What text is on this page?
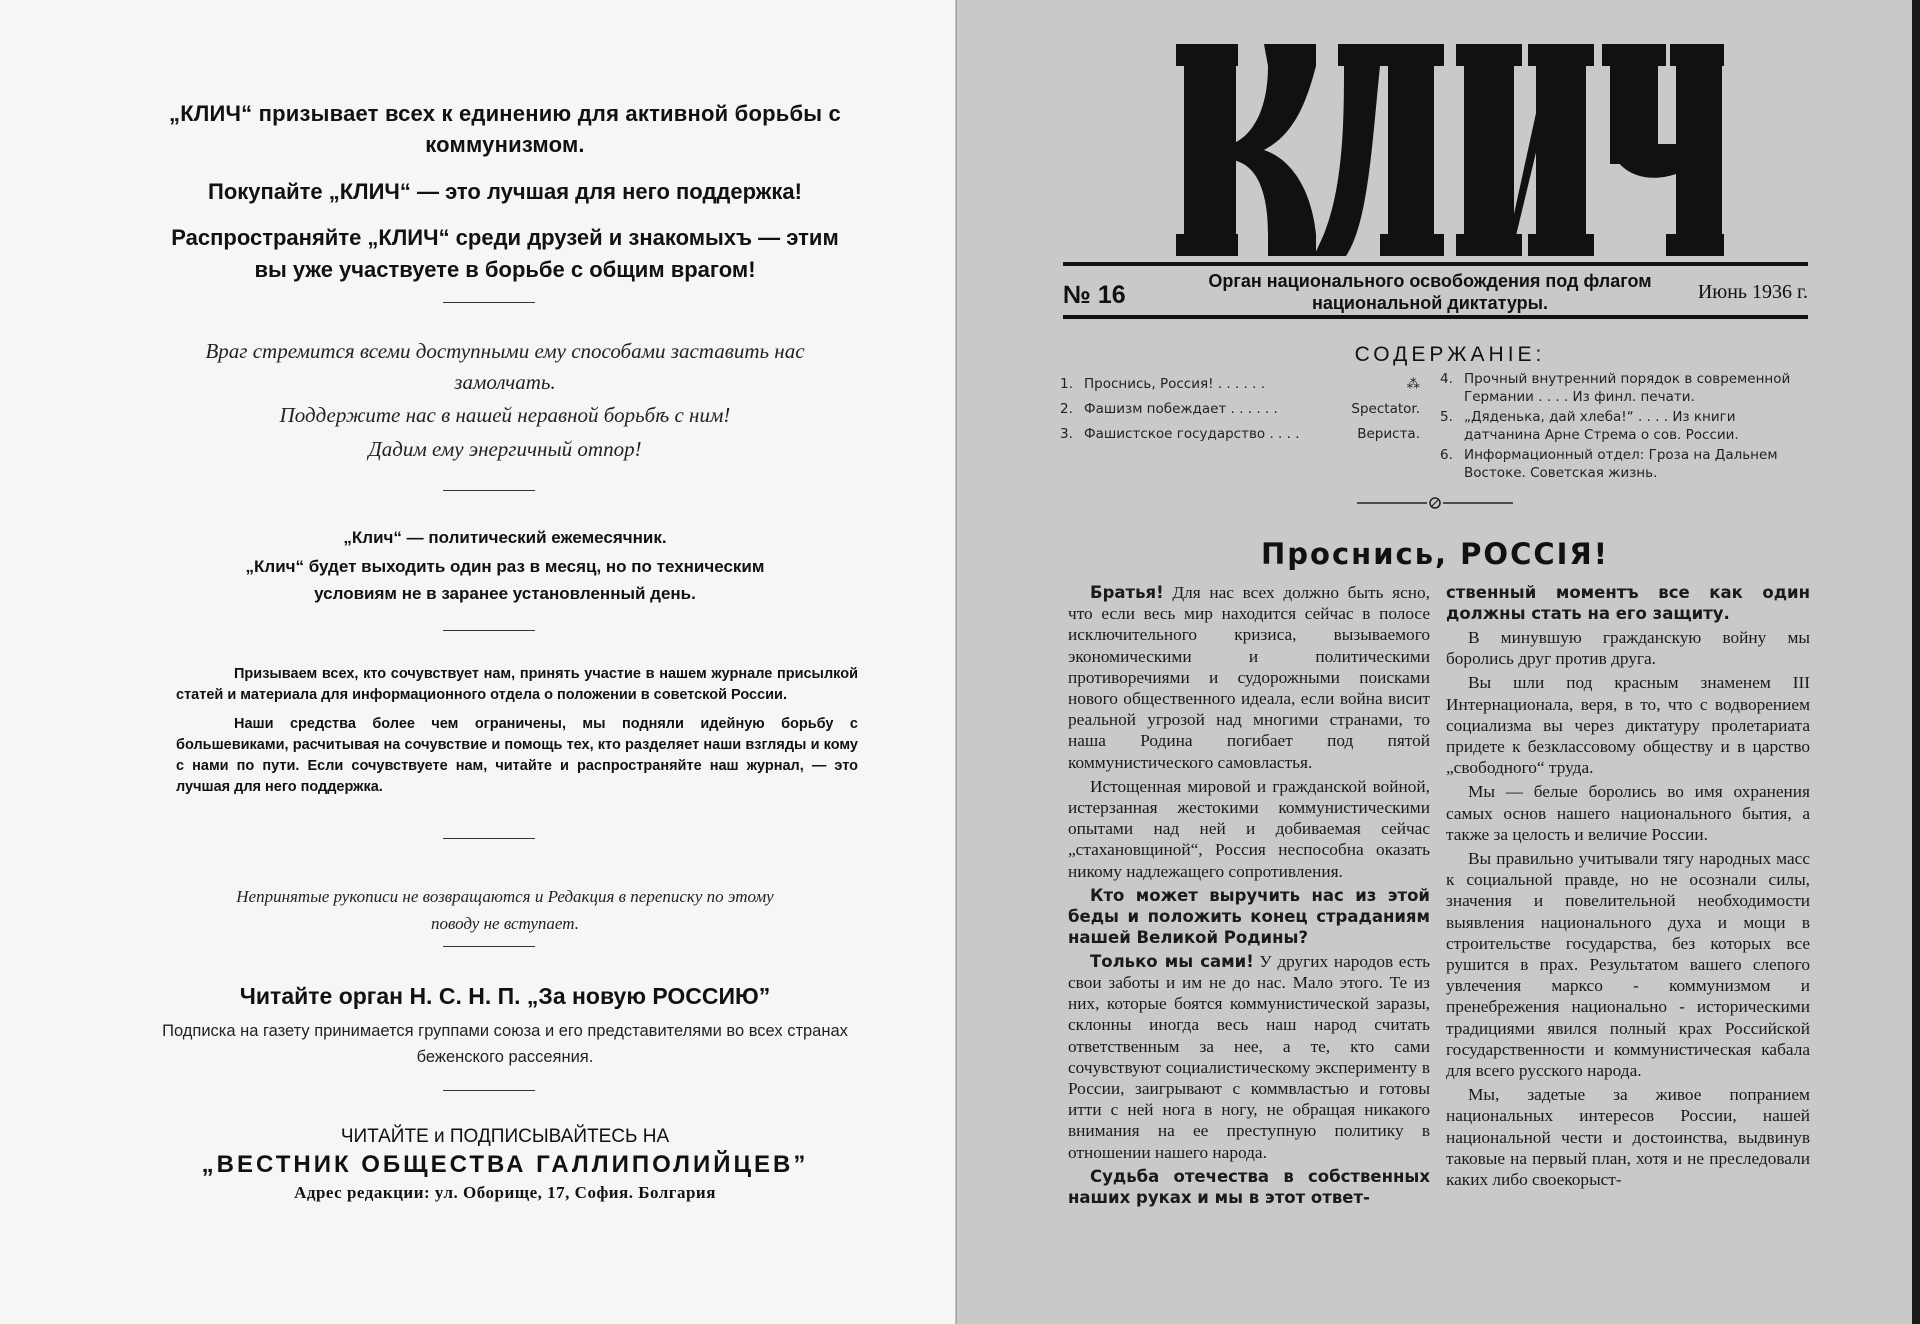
„КЛИЧ“ призывает всех к единению для активной борьбы с коммунизмом.
Покупайте „КЛИЧ“ — это лучшая для него поддержка!
Распространяйте „КЛИЧ“ среди друзей и знакомыхъ — этим вы уже участвуете в борьбе с общим врагом!
Враг стремится всеми доступными ему способами заставить нас замолчать.
Поддержите нас в нашей неравной борьбѣ с ним!
Дадим ему энергичный отпор!
„Клич“ — политический ежемесячник.
„Клич“ будет выходить один раз в месяц, но по техническим условиям не в заранее установленный день.

Призываем всех, кто сочувствует нам, принять участие в нашем журнале присылкой статей и материала для информационного отдела о положении в советской России.

Наши средства более чем ограничены, мы подняли идейную борьбу с большевиками, расчитывая на сочувствие и помощь тех, кто разделяет наши взгляды и кому с нами по пути. Если сочувствуете нам, читайте и распространяйте наш журнал, — это лучшая для него поддержка.

Непринятые рукописи не возвращаются и Редакция в переписку по этому поводу не вступает.
Читайте орган Н. С. Н. П. „За новую РОССИЮ”
Подписка на газету принимается группами союза и его представителями во всех странах беженского рассеяния.
ЧИТАЙТЕ и ПОДПИСЫВАЙТЕСЬ НА
„ВЕСТНИК ОБЩЕСТВА ГАЛЛИПОЛИЙЦЕВ”
Адрес редакции: ул. Оборище, 17, София. Болгария
№ 16	Орган национального освобождения под флагом национальной диктатуры.	Июнь 1936 г.
СОДЕРЖАНIЕ:
1. Проснись, Россия! . . . . . .	⁂
2. Фашизм побеждает . . . . . .	Spectator.
3. Фашистское государство . . . .	Вериста.
4. Прочный внутренний порядок в современной Германии . . . . Из финл. печати.
5. „Дяденька, дай хлеба!“ . . . . Из книги датчанина Арне Стрема о сов. России.
6. Информационный отдел: Гроза на Дальнем Востоке. Советская жизнь.
Проснись, РОССIЯ!

Братья! Для нас всех должно быть ясно, что если весь мир находится сейчас в полосе исключительного кризиса, вызываемого экономическими и политическими противоречиями и судорожными поисками нового общественного идеала, если война висит реальной угрозой над многими странами, то наша Родина погибает под пятой коммунистического самовластья.

Истощенная мировой и гражданской войной, истерзанная жестокими коммунистическими опытами над ней и добиваемая сейчас „стахановщиной“, Россия неспособна оказать никому надлежащего сопротивления.

Кто может выручить нас из этой беды и положить конец страданиям нашей Великой Родины?

Только мы сами! У других народов есть свои заботы и им не до нас. Мало этого. Те из них, которые боятся коммунистической заразы, склонны иногда весь наш народ считать ответственным за нее, а те, кто сами сочувствуют социалистическому эксперименту в России, заигрывают с коммвластью и готовы итти с ней нога в ногу, не обращая никакого внимания на ее преступную политику в отношении нашего народа.

Судьба отечества в собственных наших руках и мы в этот ответ-

ственный моментъ все как один должны стать на его защиту.

В минувшую гражданскую войну мы боролись друг против друга.

Вы шли под красным знаменем III Интернационала, веря, в то, что с водворением социализма вы через диктатуру пролетариата придете к безклассовому обществу и в царство „свободного“ труда.

Мы — белые боролись во имя охранения самых основ нашего национального бытия, а также за целость и величие России.

Вы правильно учитывали тягу народных масс к социальной правде, но не осознали силы, значения и повелительной необходимости выявления национального духа и мощи в строительстве государства, без которых все рушится в прах. Результатом вашего слепого увлечения марксо - коммунизмом и пренебрежения национально - историческими традициями явился полный крах Российской государственности и коммунистическая кабала для всего русского народа.

Мы, задетые за живое попранием национальных интересов России, нашей национальной чести и достоинства, выдвинув таковые на первый план, хотя и не преследовали каких либо своекорыст-
